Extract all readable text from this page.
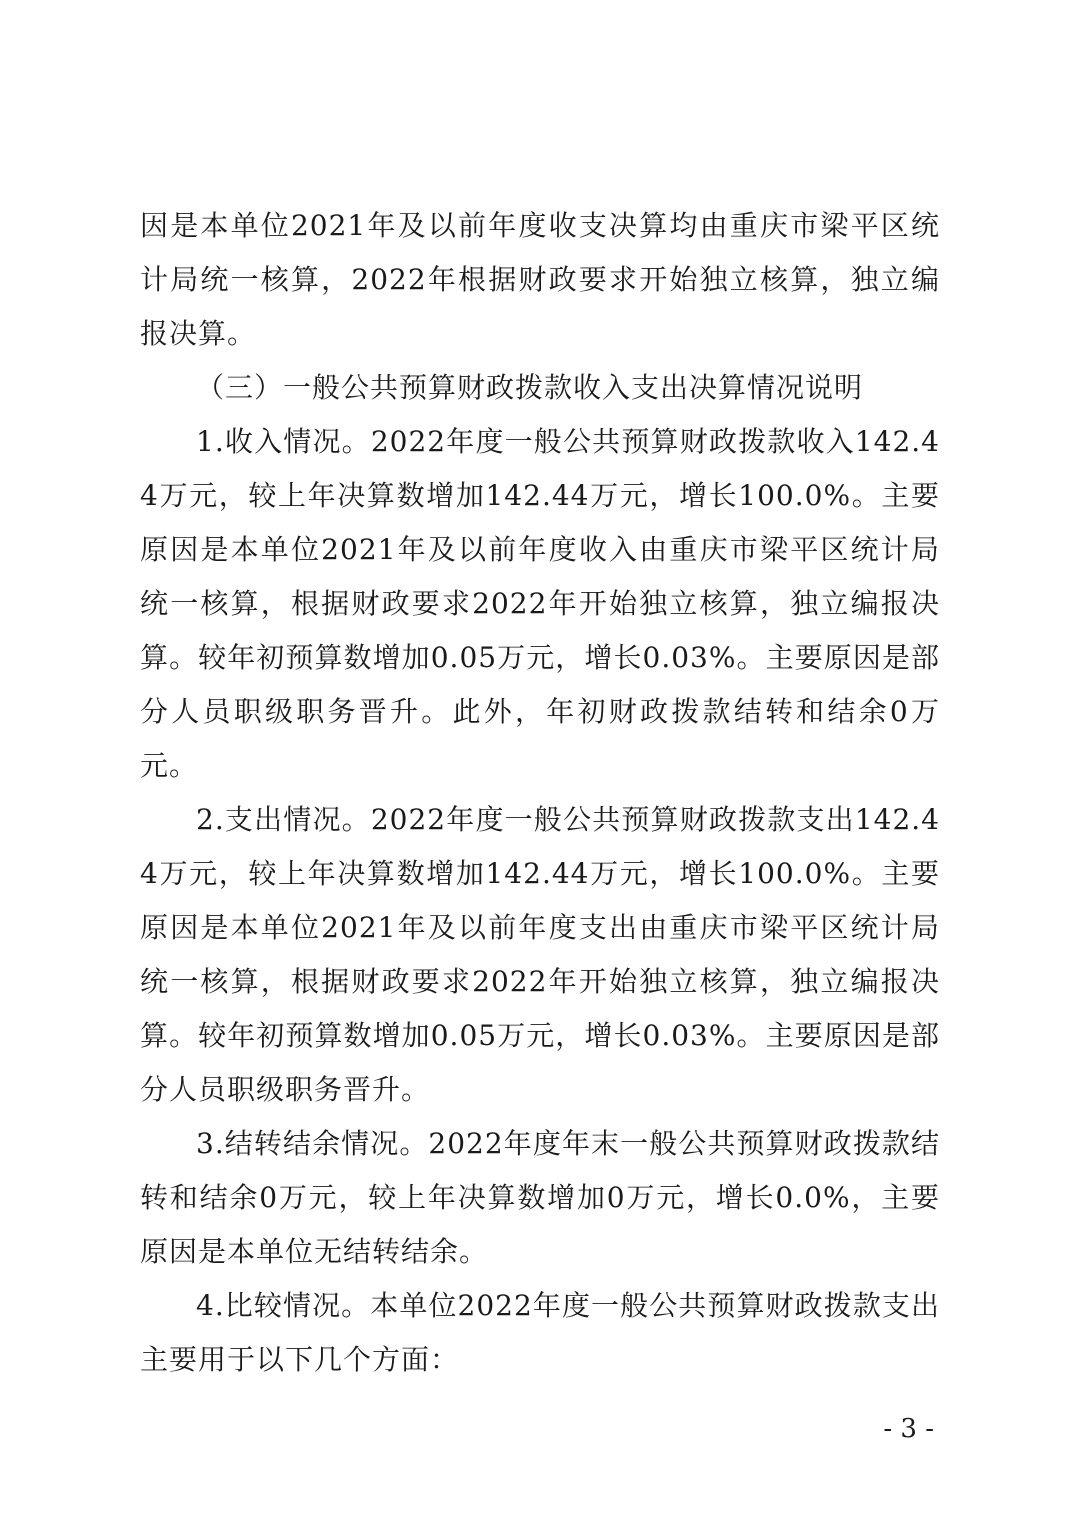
因是本单位2021年及以前年度收支决算均由重庆市梁平区统计局统一核算，2022年根据财政要求开始独立核算，独立编报决算。

（三）一般公共预算财政拨款收入支出决算情况说明

1.收入情况。2022年度一般公共预算财政拨款收入142.44万元，较上年决算数增加142.44万元，增长100.0%。主要原因是本单位2021年及以前年度收入由重庆市梁平区统计局统一核算，根据财政要求2022年开始独立核算，独立编报决算。较年初预算数增加0.05万元，增长0.03%。主要原因是部分人员职级职务晋升。此外，年初财政拨款结转和结余0万元。

2.支出情况。2022年度一般公共预算财政拨款支出142.44万元，较上年决算数增加142.44万元，增长100.0%。主要原因是本单位2021年及以前年度支出由重庆市梁平区统计局统一核算，根据财政要求2022年开始独立核算，独立编报决算。较年初预算数增加0.05万元，增长0.03%。主要原因是部分人员职级职务晋升。

3.结转结余情况。2022年度年末一般公共预算财政拨款结转和结余0万元，较上年决算数增加0万元，增长0.0%，主要原因是本单位无结转结余。

4.比较情况。本单位2022年度一般公共预算财政拨款支出主要用于以下几个方面：

- 3 -
